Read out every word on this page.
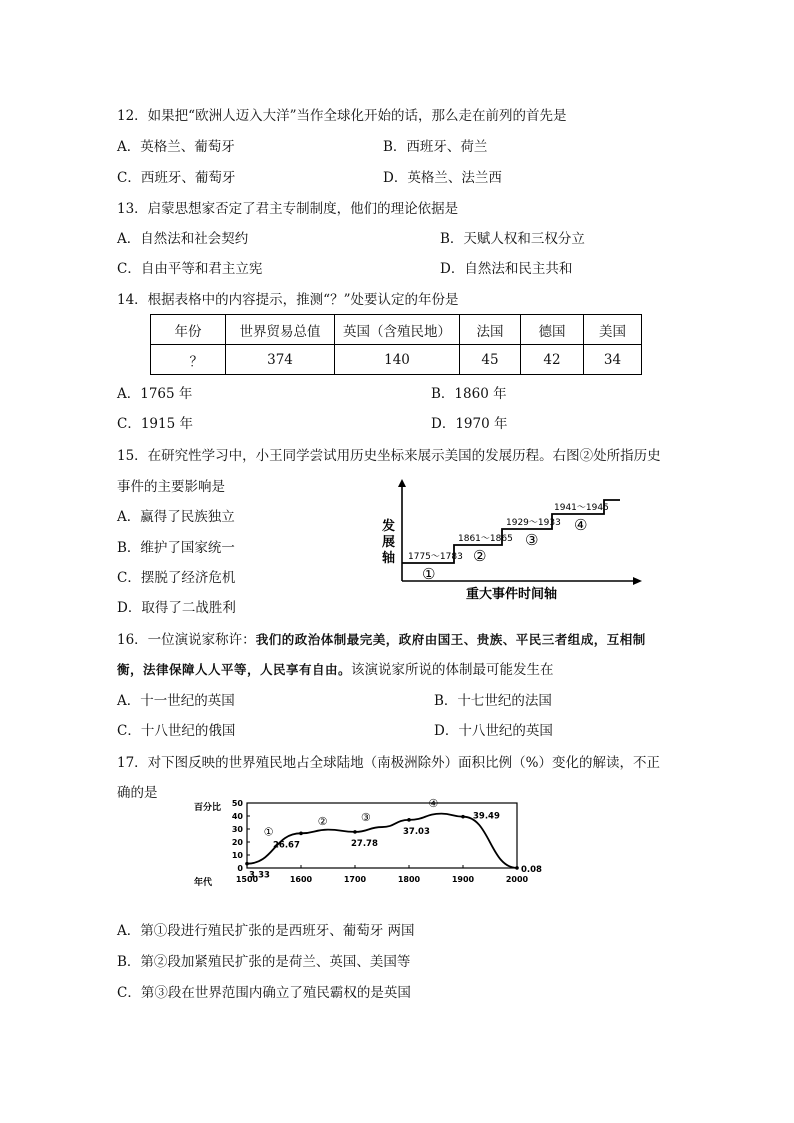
12．如果把“欧洲人迈入大洋”当作全球化开始的话，那么走在前列的首先是
A．英格兰、葡萄牙	B．西班牙、荷兰
C．西班牙、葡萄牙	D．英格兰、法兰西
13．启蒙思想家否定了君主专制制度，他们的理论依据是
A．自然法和社会契约	B．天赋人权和三权分立
C．自由平等和君主立宪	D．自然法和民主共和
14．根据表格中的内容提示，推测“？”处要认定的年份是
年份	世界贸易总值	英国（含殖民地）	法国	德国	美国
？	374	140	45	42	34
A．1765 年	B．1860 年
C．1915 年	D．1970 年
15．在研究性学习中，小王同学尝试用历史坐标来展示美国的发展历程。右图②处所指历史
事件的主要影响是
A．赢得了民族独立
B．维护了国家统一
C．摆脱了经济危机
D．取得了二战胜利
发
展
轴
重大事件时间轴
1775～1783
1861～1865
1929～1933
1941～1945
①
②
③
④
16．一位演说家称许：我们的政治体制最完美，政府由国王、贵族、平民三者组成，互相制
衡，法律保障人人平等，人民享有自由。该演说家所说的体制最可能发生在
A．十一世纪的英国	B．十七世纪的法国
C．十八世纪的俄国	D．十八世纪的英国
17．对下图反映的世界殖民地占全球陆地（南极洲除外）面积比例（%）变化的解读，不正
确的是
百分比
年代
0
10
20
30
40
50
1500	1600	1700	1800	1900	2000
3.33
26.67	27.78
37.03
39.49
0.08
①
②	③
④
A．第①段进行殖民扩张的是西班牙、葡萄牙 两国
B．第②段加紧殖民扩张的是荷兰、英国、美国等
C．第③段在世界范围内确立了殖民霸权的是英国
